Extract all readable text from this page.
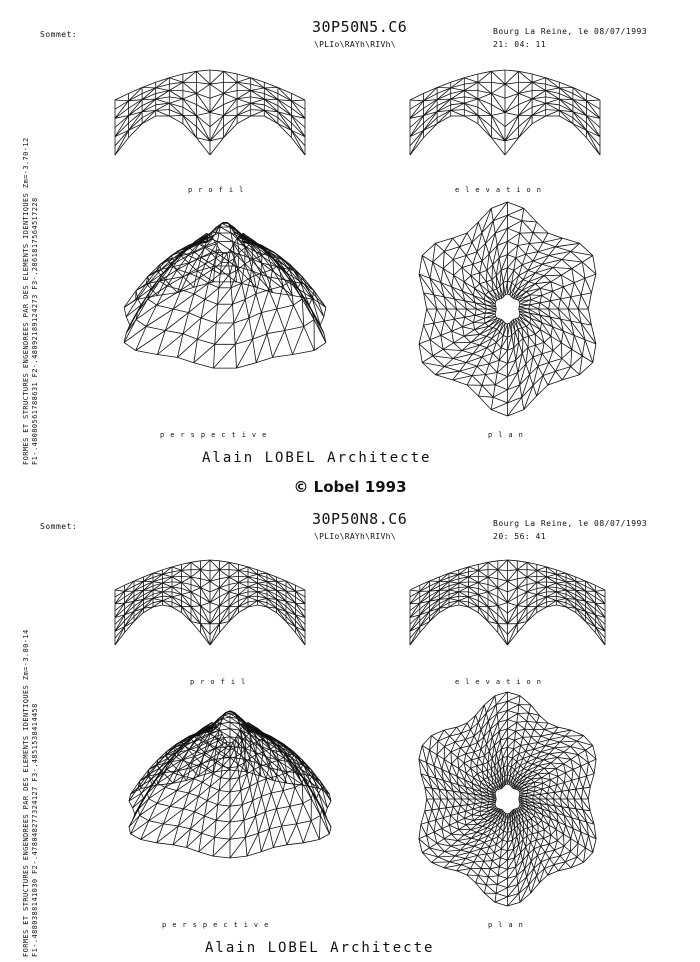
FORMES ET STRUCTURES ENGENDREES PAR DES ELEMENTS IDENTIQUES Zm=-3.70-12 F1-.48080561788631 F2-.48092189124273 F3-.2861817564517228
Sommet:	30P50N5.C6
\PLIo\RAYh\RIVh\
Bourg La Reine, le 08/07/1993
21: 04: 11
profil	elevation
perspective	plan
Alain LOBEL Architecte
© Lobel 1993
FORMES ET STRUCTURES ENGENDREES PAR DES ELEMENTS IDENTIQUES Zm=-3.80-14 F1-.4880388141030 F2-.478048277324127 F3-.4851538414458
Sommet:	30P50N8.C6
\PLIo\RAYh\RIVh\
Bourg La Reine, le 08/07/1993
20: 56: 41
profil	elevation
perspective	plan
Alain LOBEL Architecte
